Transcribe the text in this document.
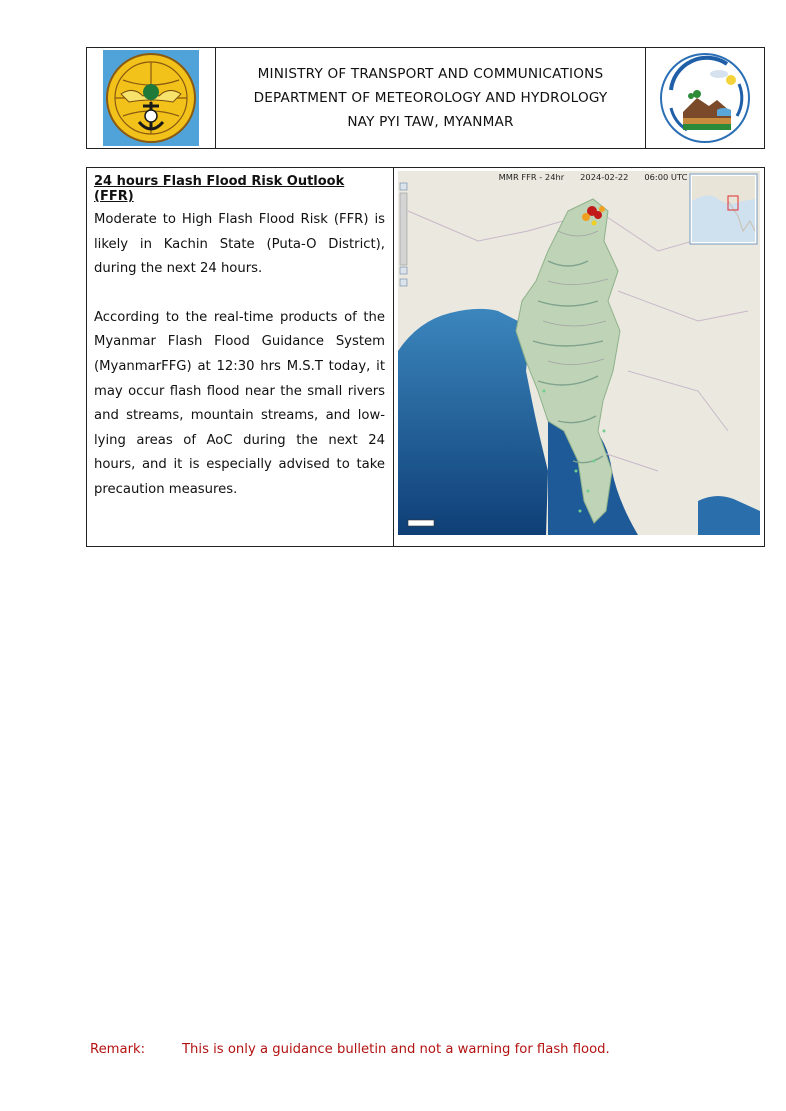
MINISTRY OF TRANSPORT AND COMMUNICATIONS
DEPARTMENT OF METEOROLOGY AND HYDROLOGY
NAY PYI TAW, MYANMAR
24 hours Flash Flood Risk Outlook (FFR)

Moderate to High Flash Flood Risk (FFR) is likely in Kachin State (Puta-O District), during the next 24 hours.

According to the real-time products of the Myanmar Flash Flood Guidance System (MyanmarFFG) at 12:30 hrs M.S.T today, it may occur flash flood near the small rivers and streams, mountain streams, and low-lying areas of AoC during the next 24 hours, and it is especially advised to take precaution measures.

MMR FFR - 24hr 2024-02-22 06:00 UTC
Remark:	This is only a guidance bulletin and not a warning for flash flood.
